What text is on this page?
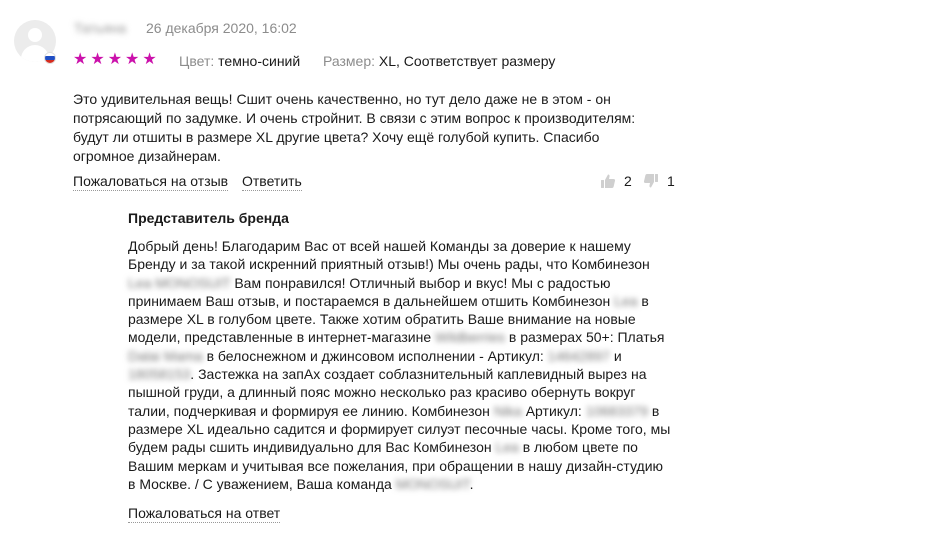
Татьяна 26 декабря 2020, 16:02
★ ★ ★ ★ ★ Цвет: темно-синий Размер: XL, Соответствует размеру
Это удивительная вещь! Сшит очень качественно, но тут дело даже не в этом - он потрясающий по задумке. И очень стройнит. В связи с этим вопрос к производителям: будут ли отшиты в размере XL другие цвета? Хочу ещё голубой купить. Спасибо огромное дизайнерам.
Пожаловаться на отзыв Ответить	2	1
Представитель бренда
Добрый день! Благодарим Вас от всей нашей Команды за доверие к нашему Бренду и за такой искренний приятный отзыв!) Мы очень рады, что Комбинезон Lea MONOSUIT Вам понравился! Отличный выбор и вкус! Мы с радостью принимаем Ваш отзыв, и постараемся в дальнейшем отшить Комбинезон Lea в размере XL в голубом цвете. Также хотим обратить Ваше внимание на новые модели, представленные в интернет-магазине Wildberries в размерах 50+: Платья Dalai Mama в белоснежном и джинсовом исполнении - Артикул: 14642897 и 18058153. Застежка на запАх создает соблазнительный каплевидный вырез на пышной груди, а длинный пояс можно несколько раз красиво обернуть вокруг талии, подчеркивая и формируя ее линию. Комбинезон Nika Артикул: 10683379 в размере XL идеально садится и формирует силуэт песочные часы. Кроме того, мы будем рады сшить индивидуально для Вас Комбинезон Lea в любом цвете по Вашим меркам и учитывая все пожелания, при обращении в нашу дизайн-студию в Москве. / С уважением, Ваша команда MONOSUIT.
Пожаловаться на ответ
